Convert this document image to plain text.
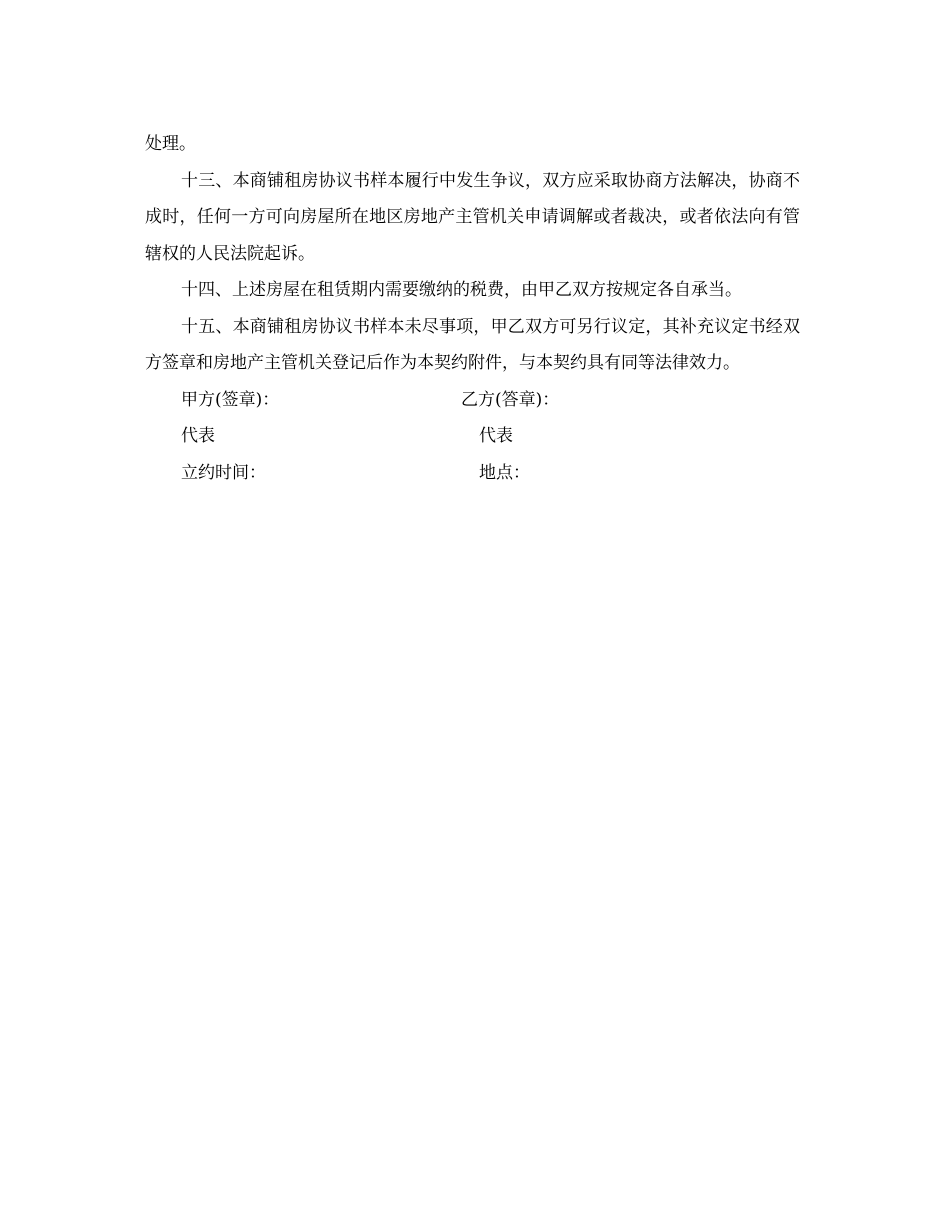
处理。

十三、本商铺租房协议书样本履行中发生争议，双方应采取协商方法解决，协商不成时，任何一方可向房屋所在地区房地产主管机关申请调解或者裁决，或者依法向有管辖权的人民法院起诉。

十四、上述房屋在租赁期内需要缴纳的税费，由甲乙双方按规定各自承当。

十五、本商铺租房协议书样本未尽事项，甲乙双方可另行议定，其补充议定书经双方签章和房地产主管机关登记后作为本契约附件，与本契约具有同等法律效力。

甲方(签章)：	乙方(答章)：
代表	代表
立约时间：	地点：
